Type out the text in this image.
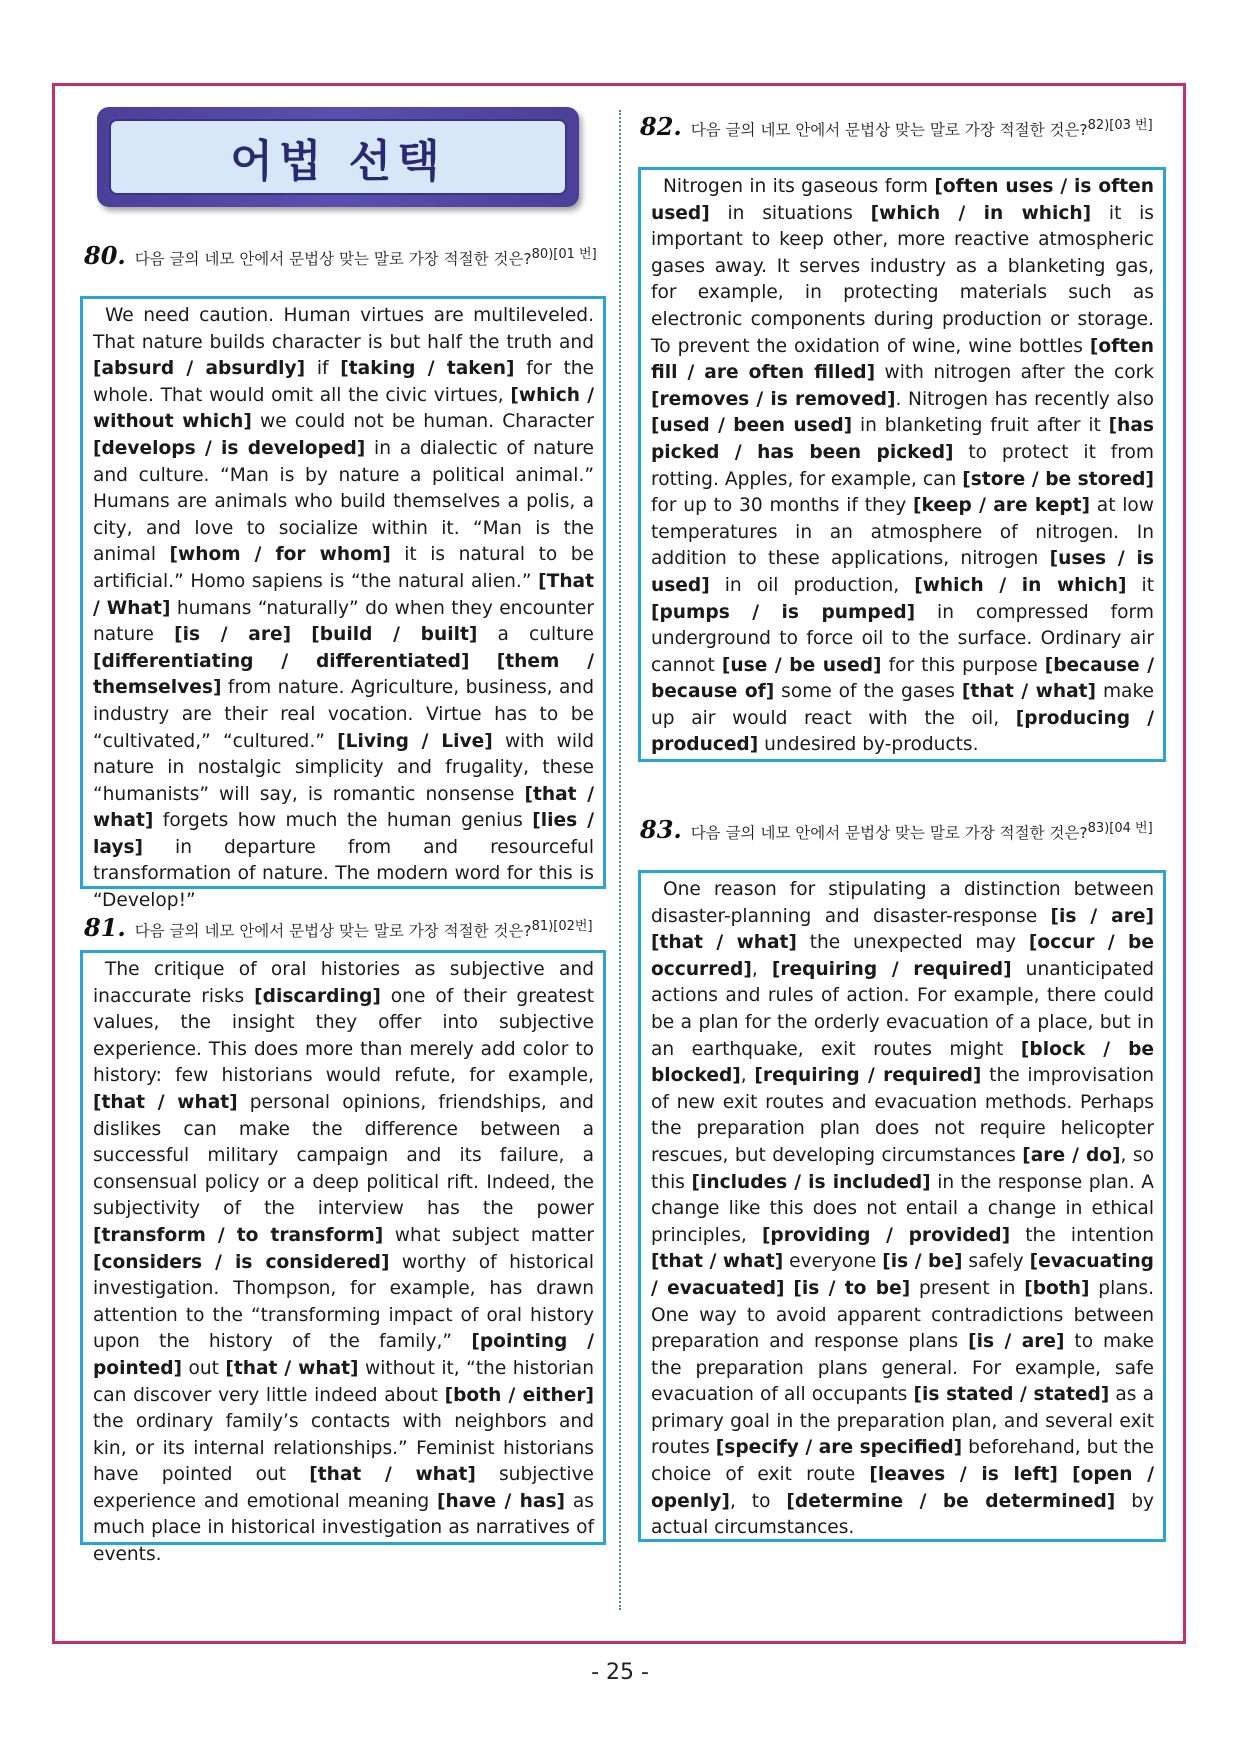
어법 선택
80. 다음 글의 네모 안에서 문법상 맞는 말로 가장 적절한 것은?$^{80)[01 번]}$

We need caution. Human virtues are multileveled. That nature builds character is but half the truth and [absurd / absurdly] if [taking / taken] for the whole. That would omit all the civic virtues, [which / without which] we could not be human. Character [develops / is developed] in a dialectic of nature and culture. “Man is by nature a political animal.” Humans are animals who build themselves a polis, a city, and love to socialize within it. “Man is the animal [whom / for whom] it is natural to be artificial.” Homo sapiens is “the natural alien.” [That / What] humans “naturally” do when they encounter nature [is / are] [build / built] a culture [differentiating / differentiated] [them / themselves] from nature. Agriculture, business, and industry are their real vocation. Virtue has to be “cultivated,” “cultured.” [Living / Live] with wild nature in nostalgic simplicity and frugality, these “humanists” will say, is romantic nonsense [that / what] forgets how much the human genius [lies / lays] in departure from and resourceful transformation of nature. The modern word for this is “Develop!”

81. 다음 글의 네모 안에서 문법상 맞는 말로 가장 적절한 것은?$^{81)[02번]}$

The critique of oral histories as subjective and inaccurate risks [discarding] one of their greatest values, the insight they offer into subjective experience. This does more than merely add color to history: few historians would refute, for example, [that / what] personal opinions, friendships, and dislikes can make the difference between a successful military campaign and its failure, a consensual policy or a deep political rift. Indeed, the subjectivity of the interview has the power [transform / to transform] what subject matter [considers / is considered] worthy of historical investigation. Thompson, for example, has drawn attention to the “transforming impact of oral history upon the history of the family,” [pointing / pointed] out [that / what] without it, “the historian can discover very little indeed about [both / either] the ordinary family’s contacts with neighbors and kin, or its internal relationships.” Feminist historians have pointed out [that / what] subjective experience and emotional meaning [have / has] as much place in historical investigation as narratives of events.

82. 다음 글의 네모 안에서 문법상 맞는 말로 가장 적절한 것은?$^{82)[03 번]}$

Nitrogen in its gaseous form [often uses / is often used] in situations [which / in which] it is important to keep other, more reactive atmospheric gases away. It serves industry as a blanketing gas, for example, in protecting materials such as electronic components during production or storage. To prevent the oxidation of wine, wine bottles [often fill / are often filled] with nitrogen after the cork [removes / is removed]. Nitrogen has recently also [used / been used] in blanketing fruit after it [has picked / has been picked] to protect it from rotting. Apples, for example, can [store / be stored] for up to 30 months if they [keep / are kept] at low temperatures in an atmosphere of nitrogen. In addition to these applications, nitrogen [uses / is used] in oil production, [which / in which] it [pumps / is pumped] in compressed form underground to force oil to the surface. Ordinary air cannot [use / be used] for this purpose [because / because of] some of the gases [that / what] make up air would react with the oil, [producing / produced] undesired by-products.

83. 다음 글의 네모 안에서 문법상 맞는 말로 가장 적절한 것은?$^{83)[04 번]}$

One reason for stipulating a distinction between disaster-planning and disaster-response [is / are] [that / what] the unexpected may [occur / be occurred], [requiring / required] unanticipated actions and rules of action. For example, there could be a plan for the orderly evacuation of a place, but in an earthquake, exit routes might [block / be blocked], [requiring / required] the improvisation of new exit routes and evacuation methods. Perhaps the preparation plan does not require helicopter rescues, but developing circumstances [are / do], so this [includes / is included] in the response plan. A change like this does not entail a change in ethical principles, [providing / provided] the intention [that / what] everyone [is / be] safely [evacuating / evacuated] [is / to be] present in [both] plans. One way to avoid apparent contradictions between preparation and response plans [is / are] to make the preparation plans general. For example, safe evacuation of all occupants [is stated / stated] as a primary goal in the preparation plan, and several exit routes [specify / are specified] beforehand, but the choice of exit route [leaves / is left] [open / openly], to [determine / be determined] by actual circumstances.

- 25 -
